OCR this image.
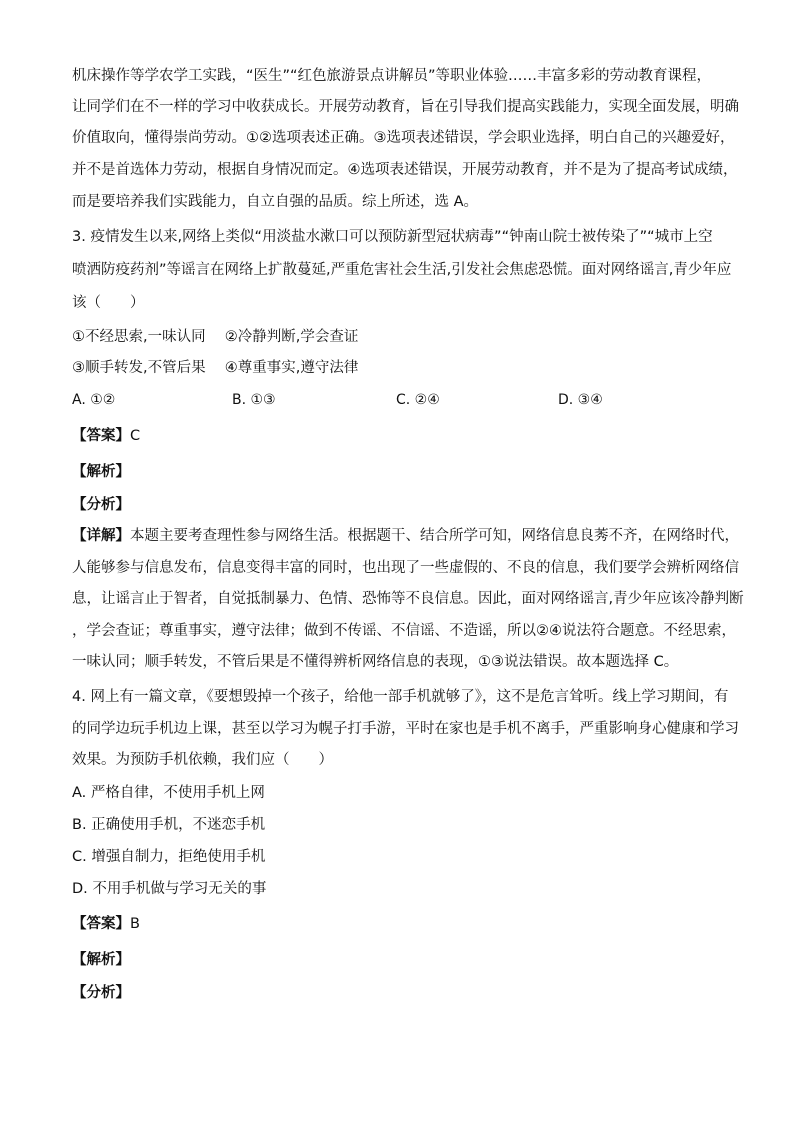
机床操作等学农学工实践，“医生”“红色旅游景点讲解员”等职业体验……丰富多彩的劳动教育课程，
让同学们在不一样的学习中收获成长。开展劳动教育，旨在引导我们提高实践能力，实现全面发展，明确
价值取向，懂得崇尚劳动。①②选项表述正确。③选项表述错误，学会职业选择，明白自己的兴趣爱好，
并不是首选体力劳动，根据自身情况而定。④选项表述错误，开展劳动教育，并不是为了提高考试成绩，
而是要培养我们实践能力，自立自强的品质。综上所述，选 A。
3. 疫情发生以来,网络上类似“用淡盐水漱口可以预防新型冠状病毒”“钟南山院士被传染了”“城市上空
喷洒防疫药剂”等谣言在网络上扩散蔓延,严重危害社会生活,引发社会焦虑恐慌。面对网络谣言,青少年应
该（　　）
①不经思索,一味认同　 ②冷静判断,学会查证
③顺手转发,不管后果　 ④尊重事实,遵守法律
A. ①②	B. ①③	C. ②④	D. ③④
【答案】C
【解析】
【分析】
【详解】本题主要考查理性参与网络生活。根据题干、结合所学可知，网络信息良莠不齐，在网络时代，
人能够参与信息发布，信息变得丰富的同时，也出现了一些虚假的、不良的信息，我们要学会辨析网络信
息，让谣言止于智者，自觉抵制暴力、色情、恐怖等不良信息。因此，面对网络谣言,青少年应该冷静判断
，学会查证；尊重事实，遵守法律；做到不传谣、不信谣、不造谣，所以②④说法符合题意。不经思索，
一味认同；顺手转发，不管后果是不懂得辨析网络信息的表现，①③说法错误。故本题选择 C。
4. 网上有一篇文章，《要想毁掉一个孩子，给他一部手机就够了》，这不是危言耸听。线上学习期间，有
的同学边玩手机边上课，甚至以学习为幌子打手游，平时在家也是手机不离手，严重影响身心健康和学习
效果。为预防手机依赖，我们应（　　）
A. 严格自律，不使用手机上网
B. 正确使用手机，不迷恋手机
C. 增强自制力，拒绝使用手机
D. 不用手机做与学习无关的事
【答案】B
【解析】
【分析】
